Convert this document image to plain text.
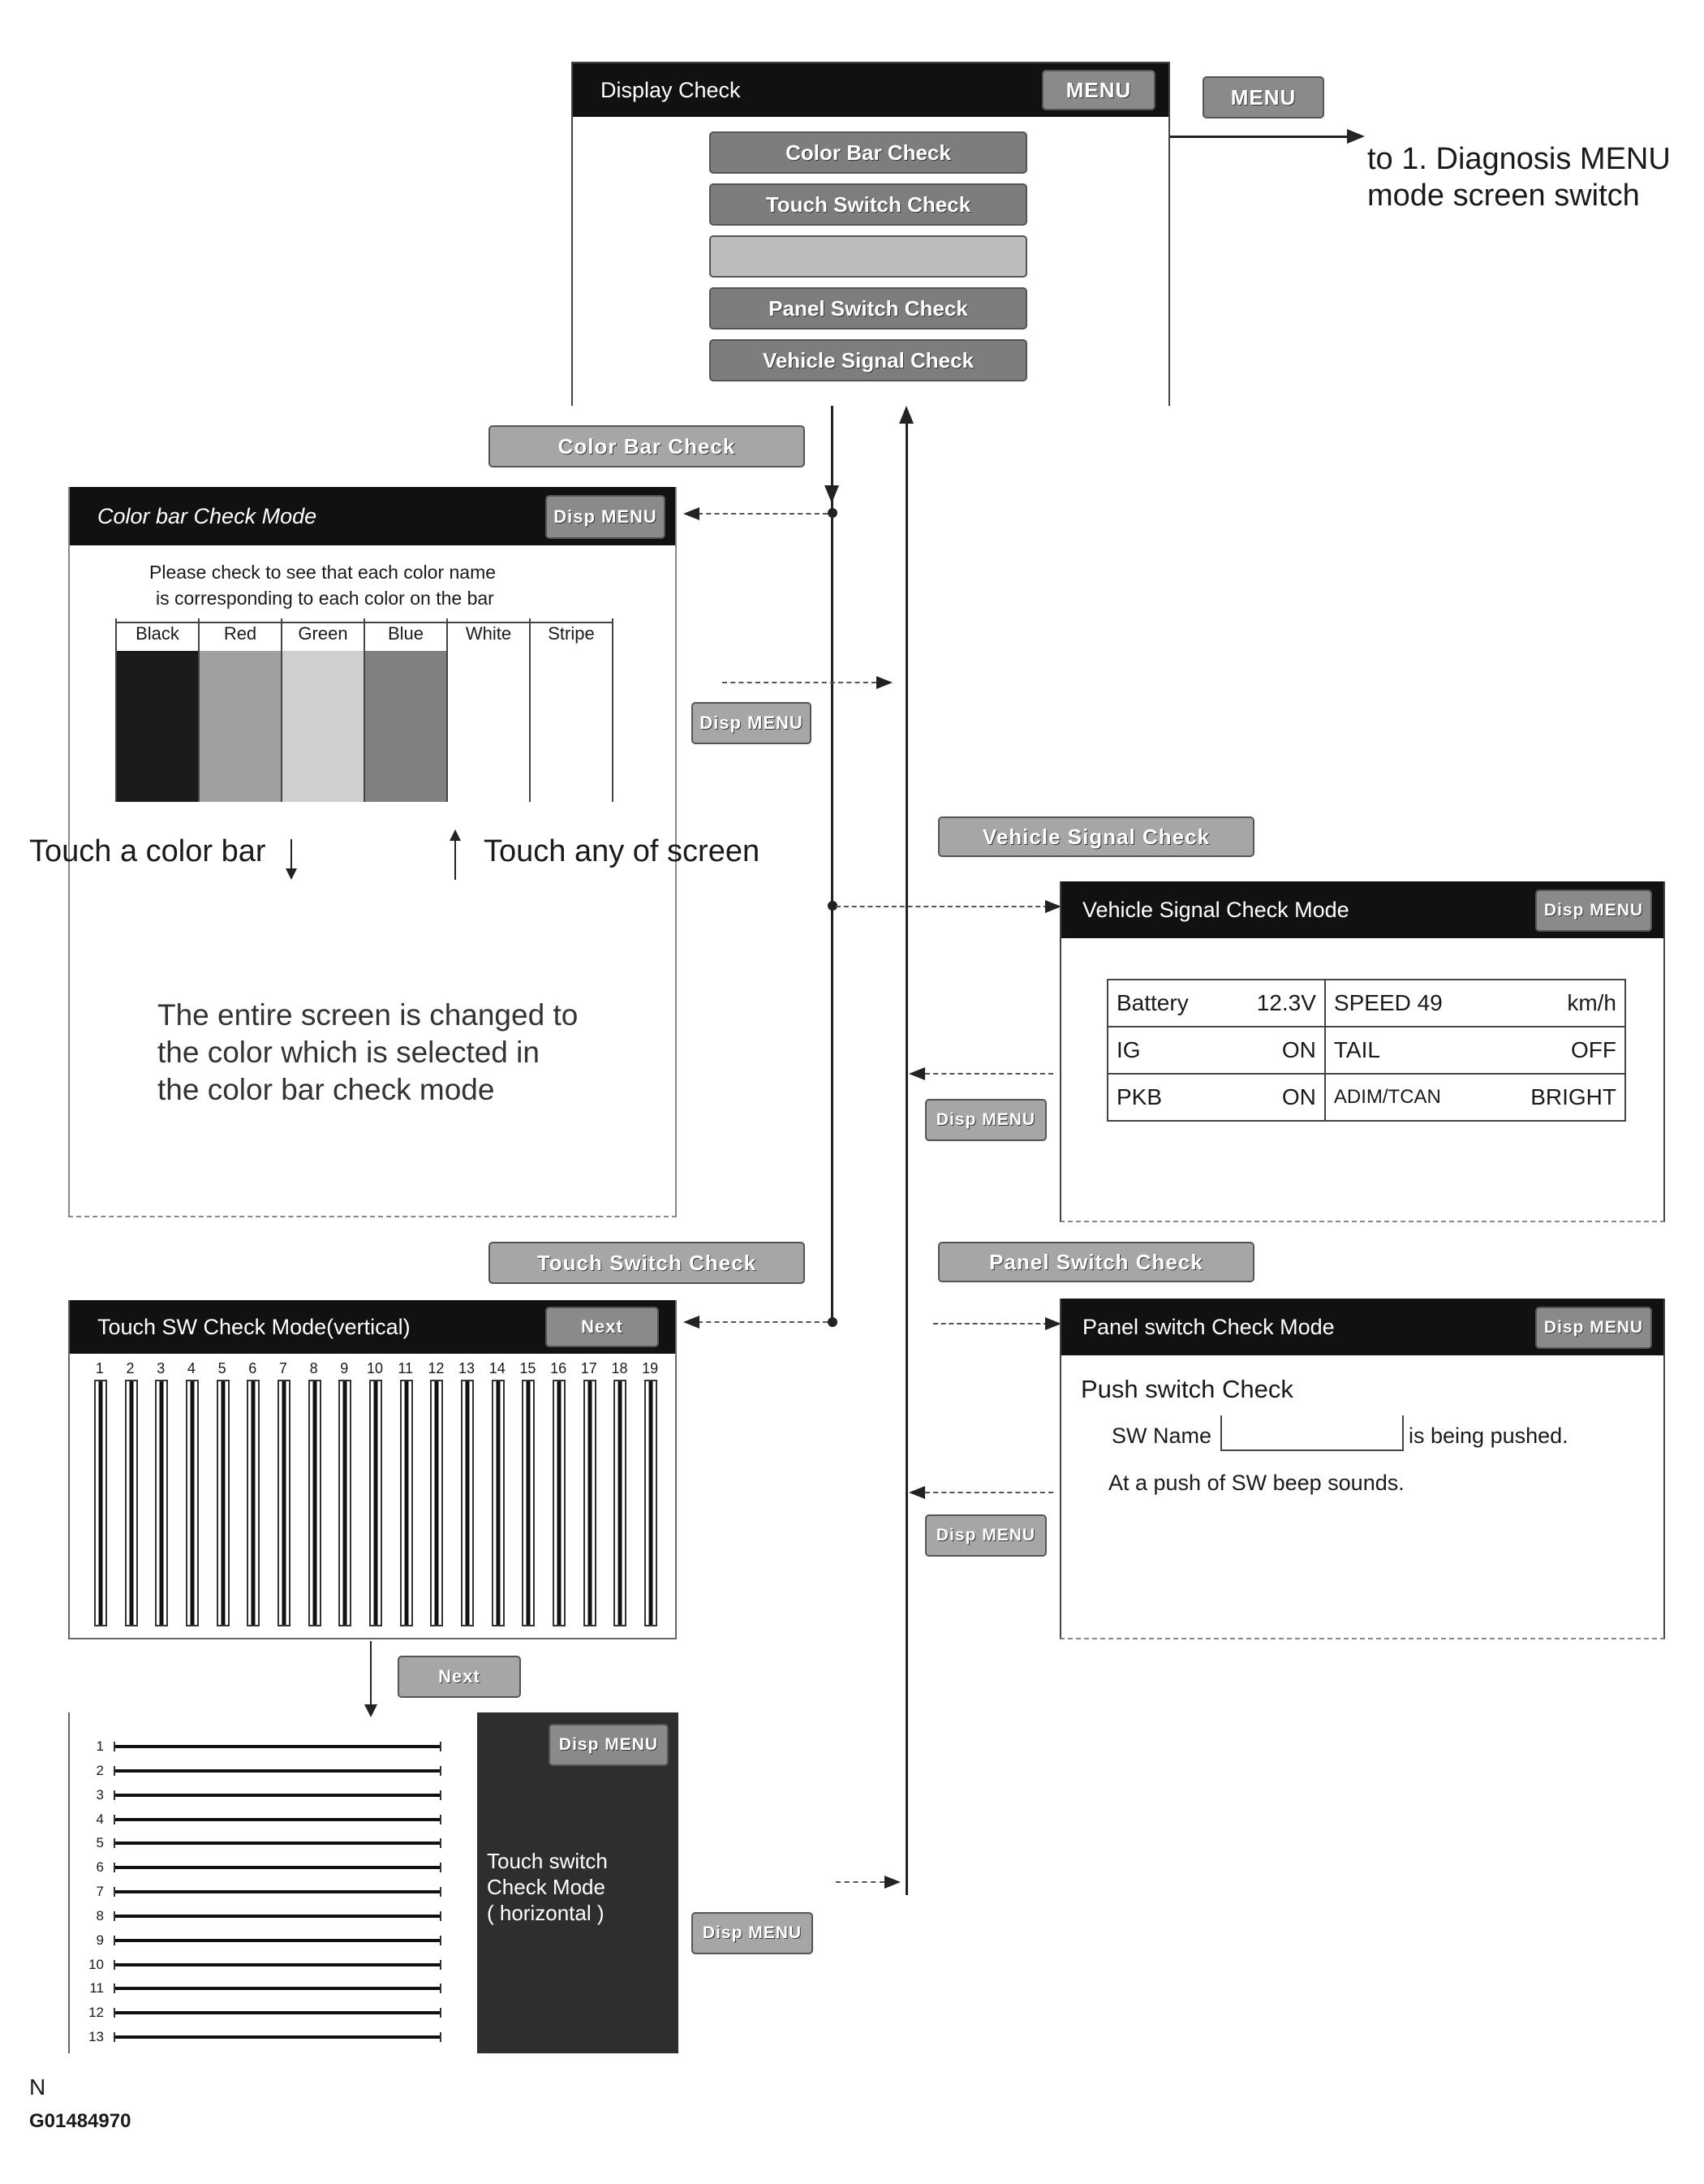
Display Check	MENU
Color Bar Check
Touch Switch Check
Panel Switch Check
Vehicle Signal Check
MENU
to 1. Diagnosis MENU
mode screen switch
Color Bar Check
Color bar Check Mode	Disp MENU
Please check to see that each color name
is corresponding to each color on the bar
Black	Red	Green	Blue	White	Stripe
Disp MENU
Touch a color bar	Touch any of screen
The entire screen is changed to
the color which is selected in
the color bar check mode
Vehicle Signal Check
Vehicle Signal Check Mode	Disp MENU
Battery	12.3V	SPEED 49	km/h
IG	ON	TAIL	OFF
PKB	ON	ADIM/TCAN	BRIGHT
Disp MENU
Touch Switch Check
Touch SW Check Mode(vertical)	Next
1	2	3	4	5	6	7	8	9	10	11	12 13 14 15 16 17 18 19
Next
1
2
3
4
5
6
7
8
9
10
11
12
13
Disp MENU
Touch switch
Check Mode
( horizontal )
Disp MENU
Panel Switch Check
Panel switch Check Mode	Disp MENU
Push switch Check
SW Name	is being pushed.
At a push of SW beep sounds.
Disp MENU
N
G01484970
